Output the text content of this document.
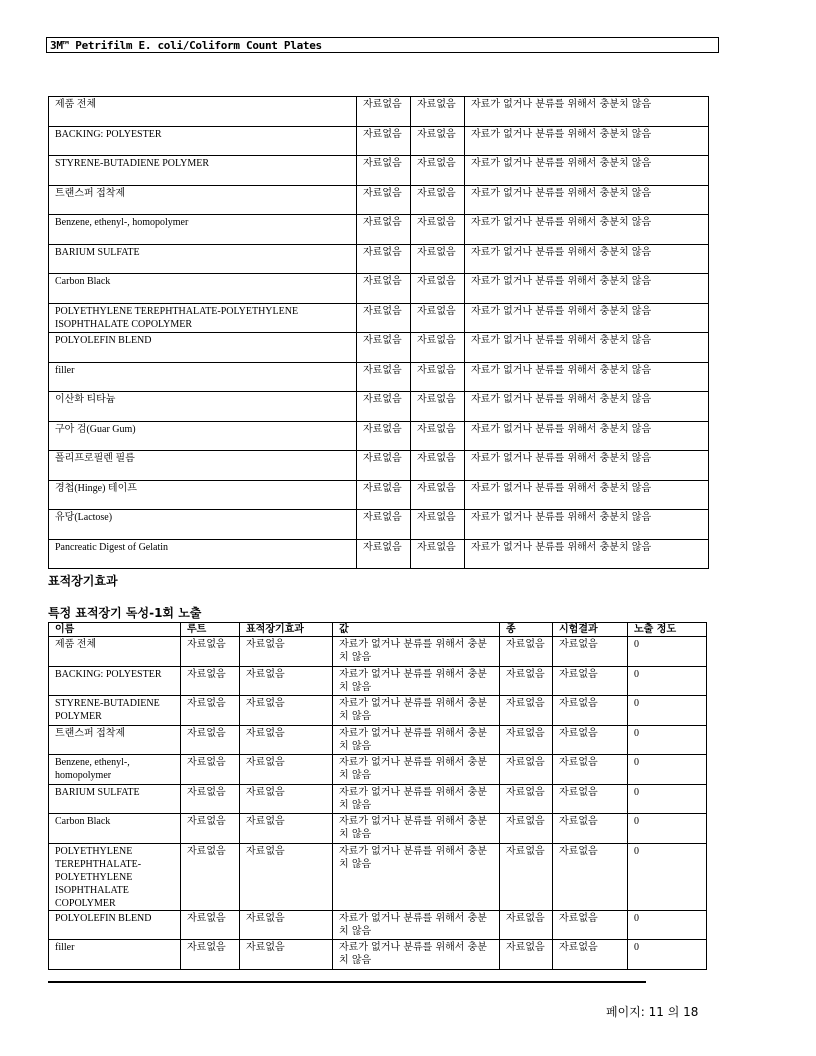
3M™ Petrifilm E. coli/Coliform Count Plates
제품 전체	자료없음	자료없음	자료가 없거나 분류를 위해서 충분치 않음
BACKING: POLYESTER	자료없음	자료없음	자료가 없거나 분류를 위해서 충분치 않음
STYRENE-BUTADIENE POLYMER	자료없음	자료없음	자료가 없거나 분류를 위해서 충분치 않음
트랜스퍼 접착제	자료없음	자료없음	자료가 없거나 분류를 위해서 충분치 않음
Benzene, ethenyl-, homopolymer	자료없음	자료없음	자료가 없거나 분류를 위해서 충분치 않음
BARIUM SULFATE	자료없음	자료없음	자료가 없거나 분류를 위해서 충분치 않음
Carbon Black	자료없음	자료없음	자료가 없거나 분류를 위해서 충분치 않음
POLYETHYLENE TEREPHTHALATE-POLYETHYLENE ISOPHTHALATE COPOLYMER	자료없음	자료없음	자료가 없거나 분류를 위해서 충분치 않음
POLYOLEFIN BLEND	자료없음	자료없음	자료가 없거나 분류를 위해서 충분치 않음
filler	자료없음	자료없음	자료가 없거나 분류를 위해서 충분치 않음
이산화 티타늄	자료없음	자료없음	자료가 없거나 분류를 위해서 충분치 않음
구아 검(Guar Gum)	자료없음	자료없음	자료가 없거나 분류를 위해서 충분치 않음
폴리프로필렌 필름	자료없음	자료없음	자료가 없거나 분류를 위해서 충분치 않음
경첩(Hinge) 테이프	자료없음	자료없음	자료가 없거나 분류를 위해서 충분치 않음
유당(Lactose)	자료없음	자료없음	자료가 없거나 분류를 위해서 충분치 않음
Pancreatic Digest of Gelatin	자료없음	자료없음	자료가 없거나 분류를 위해서 충분치 않음
표적장기효과
특정 표적장기 독성-1회 노출
이름	루트	표적장기효과	값	종	시험결과	노출 정도
제품 전체	자료없음	자료없음	자료가 없거나 분류를 위해서 충분치 않음	자료없음	자료없음	0
BACKING: POLYESTER	자료없음	자료없음	자료가 없거나 분류를 위해서 충분치 않음	자료없음	자료없음	0
STYRENE-BUTADIENE POLYMER	자료없음	자료없음	자료가 없거나 분류를 위해서 충분치 않음	자료없음	자료없음	0
트랜스퍼 접착제	자료없음	자료없음	자료가 없거나 분류를 위해서 충분치 않음	자료없음	자료없음	0
Benzene, ethenyl-, homopolymer	자료없음	자료없음	자료가 없거나 분류를 위해서 충분치 않음	자료없음	자료없음	0
BARIUM SULFATE	자료없음	자료없음	자료가 없거나 분류를 위해서 충분치 않음	자료없음	자료없음	0
Carbon Black	자료없음	자료없음	자료가 없거나 분류를 위해서 충분치 않음	자료없음	자료없음	0
POLYETHYLENE TEREPHTHALATE-POLYETHYLENE ISOPHTHALATE COPOLYMER	자료없음	자료없음	자료가 없거나 분류를 위해서 충분치 않음	자료없음	자료없음	0
POLYOLEFIN BLEND	자료없음	자료없음	자료가 없거나 분류를 위해서 충분치 않음	자료없음	자료없음	0
filler	자료없음	자료없음	자료가 없거나 분류를 위해서 충분치 않음	자료없음	자료없음	0
페이지: 11 의 18
